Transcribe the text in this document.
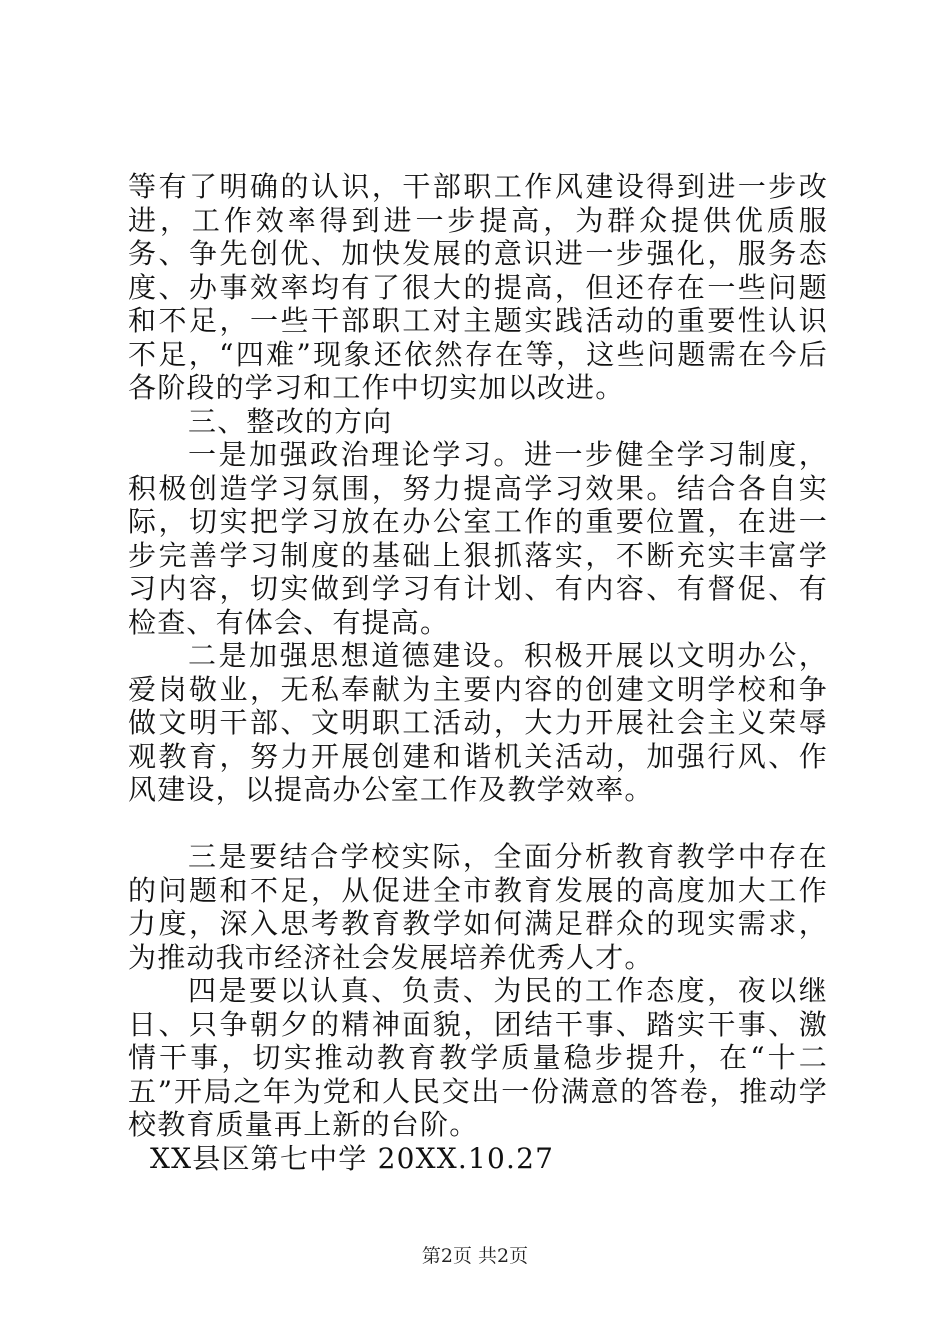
等有了明确的认识，干部职工作风建设得到进一步改进，工作效率得到进一步提高，为群众提供优质服务、争先创优、加快发展的意识进一步强化，服务态度、办事效率均有了很大的提高，但还存在一些问题和不足，一些干部职工对主题实践活动的重要性认识不足，“四难”现象还依然存在等，这些问题需在今后各阶段的学习和工作中切实加以改进。

三、整改的方向

一是加强政治理论学习。进一步健全学习制度，积极创造学习氛围，努力提高学习效果。结合各自实际，切实把学习放在办公室工作的重要位置，在进一步完善学习制度的基础上狠抓落实，不断充实丰富学习内容，切实做到学习有计划、有内容、有督促、有检查、有体会、有提高。

二是加强思想道德建设。积极开展以文明办公，爱岗敬业，无私奉献为主要内容的创建文明学校和争做文明干部、文明职工活动，大力开展社会主义荣辱观教育，努力开展创建和谐机关活动，加强行风、作风建设，以提高办公室工作及教学效率。

三是要结合学校实际，全面分析教育教学中存在的问题和不足，从促进全市教育发展的高度加大工作力度，深入思考教育教学如何满足群众的现实需求，为推动我市经济社会发展培养优秀人才。

四是要以认真、负责、为民的工作态度，夜以继日、只争朝夕的精神面貌，团结干事、踏实干事、激情干事，切实推动教育教学质量稳步提升，在“十二五”开局之年为党和人民交出一份满意的答卷，推动学校教育质量再上新的台阶。

XX县区第七中学 20XX.10.27

第2页 共2页
